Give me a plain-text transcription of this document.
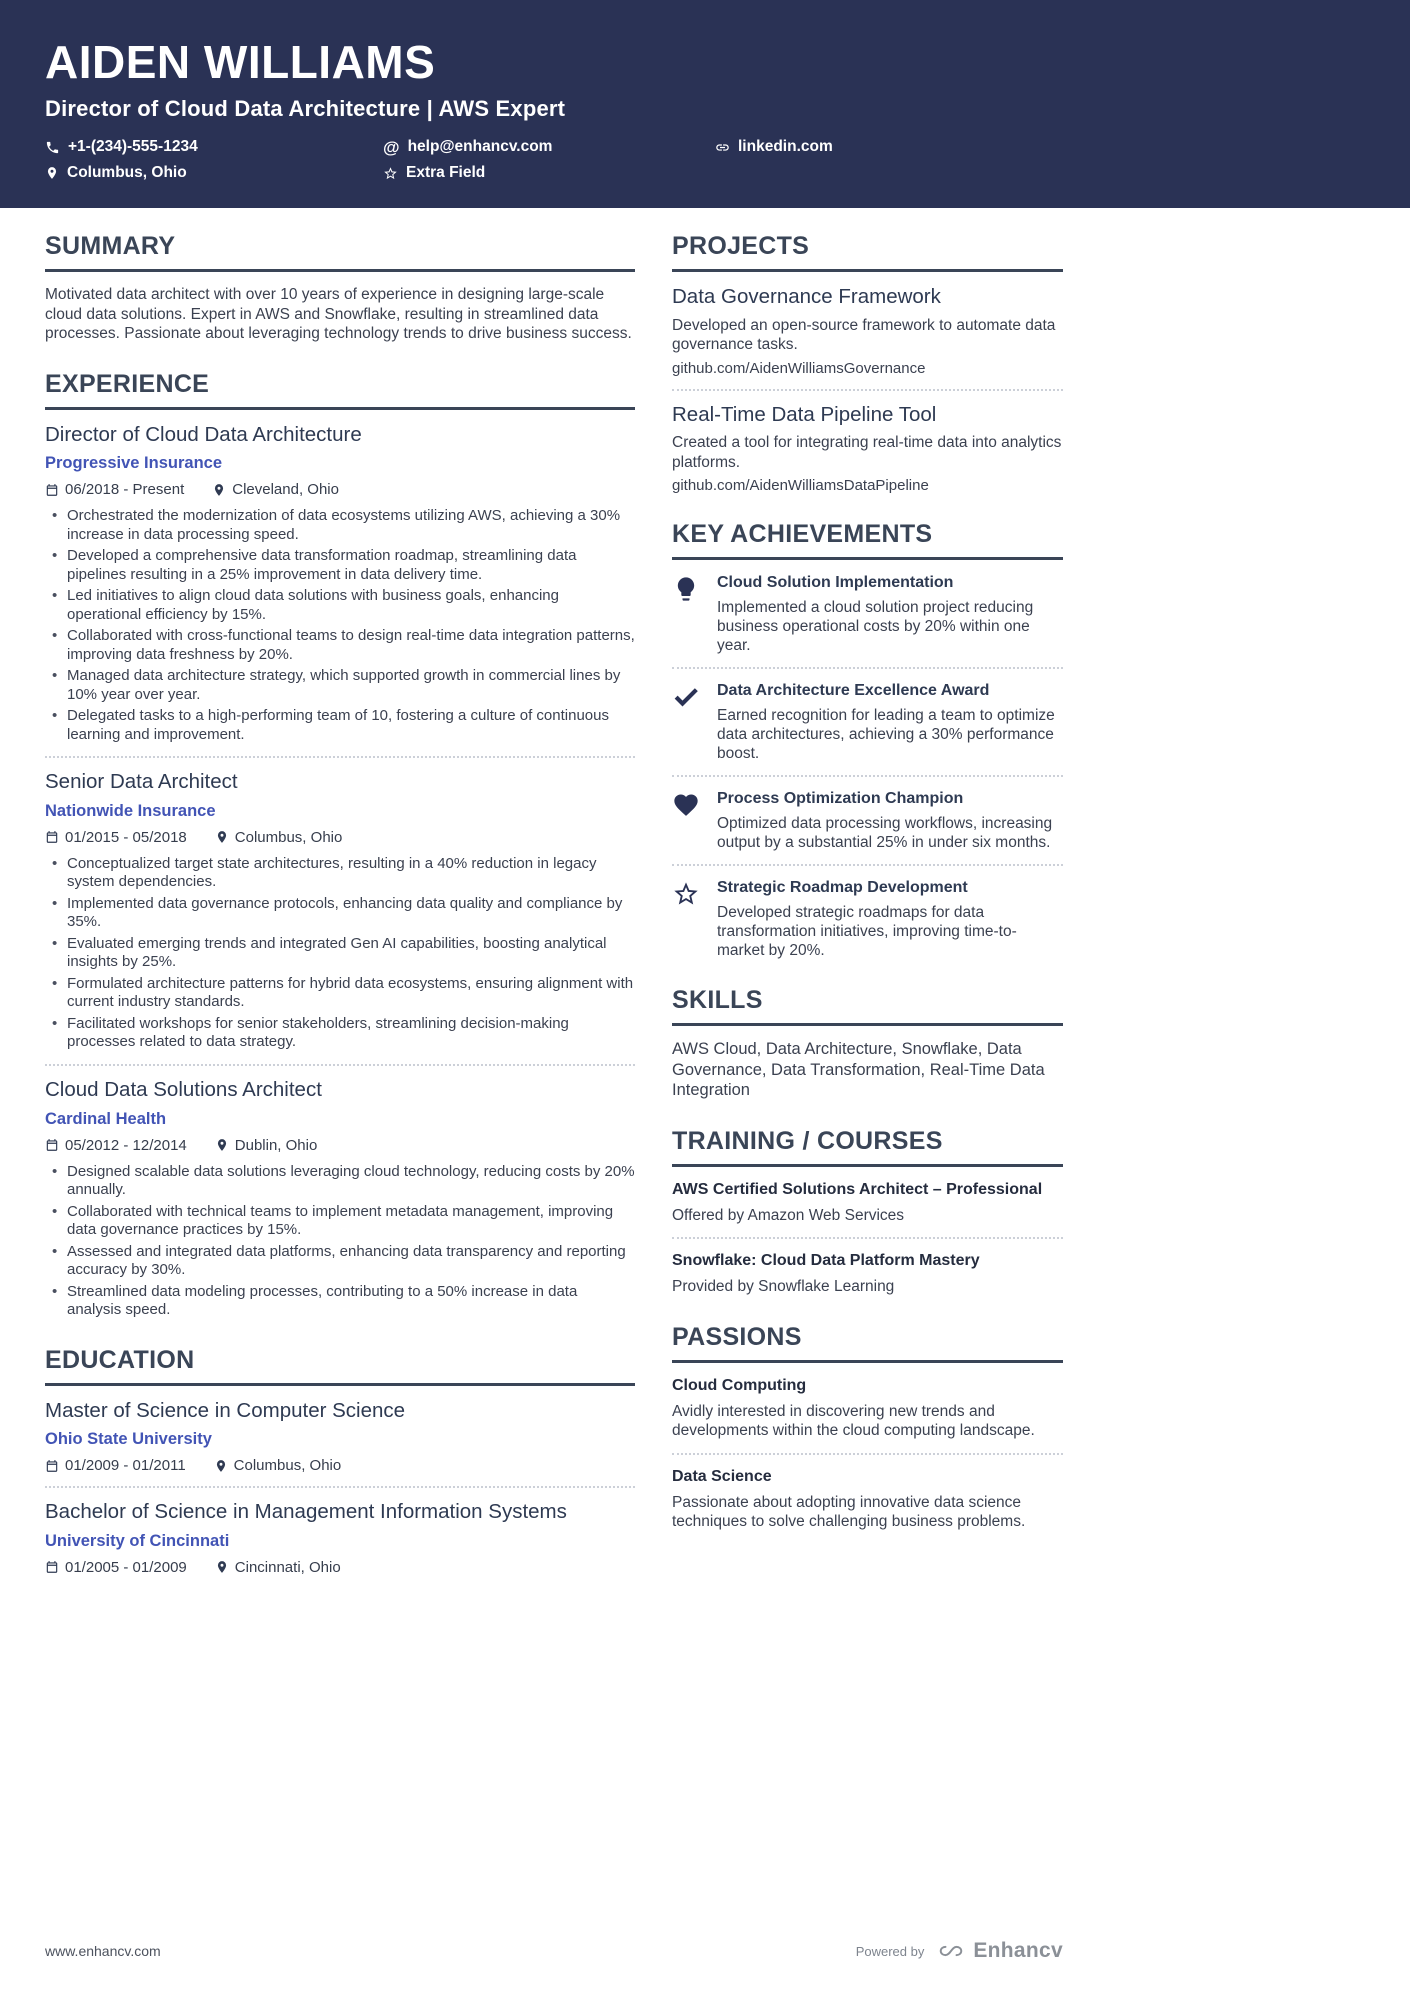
AIDEN WILLIAMS
Director of Cloud Data Architecture | AWS Expert
+1-(234)-555-1234	@ help@enhancv.com	linkedin.com
Columbus, Ohio	Extra Field
SUMMARY

Motivated data architect with over 10 years of experience in designing large-scale cloud data solutions. Expert in AWS and Snowflake, resulting in streamlined data processes. Passionate about leveraging technology trends to drive business success.

EXPERIENCE
Director of Cloud Data Architecture
Progressive Insurance
06/2018 - Present	Cleveland, Ohio
• Orchestrated the modernization of data ecosystems utilizing AWS, achieving a 30% increase in data processing speed.
• Developed a comprehensive data transformation roadmap, streamlining data pipelines resulting in a 25% improvement in data delivery time.
• Led initiatives to align cloud data solutions with business goals, enhancing operational efficiency by 15%.
• Collaborated with cross-functional teams to design real-time data integration patterns, improving data freshness by 20%.
• Managed data architecture strategy, which supported growth in commercial lines by 10% year over year.
• Delegated tasks to a high-performing team of 10, fostering a culture of continuous learning and improvement.
Senior Data Architect
Nationwide Insurance
01/2015 - 05/2018	Columbus, Ohio
• Conceptualized target state architectures, resulting in a 40% reduction in legacy system dependencies.
• Implemented data governance protocols, enhancing data quality and compliance by 35%.
• Evaluated emerging trends and integrated Gen AI capabilities, boosting analytical insights by 25%.
• Formulated architecture patterns for hybrid data ecosystems, ensuring alignment with current industry standards.
• Facilitated workshops for senior stakeholders, streamlining decision-making processes related to data strategy.
Cloud Data Solutions Architect
Cardinal Health
05/2012 - 12/2014	Dublin, Ohio
• Designed scalable data solutions leveraging cloud technology, reducing costs by 20% annually.
• Collaborated with technical teams to implement metadata management, improving data governance practices by 15%.
• Assessed and integrated data platforms, enhancing data transparency and reporting accuracy by 30%.
• Streamlined data modeling processes, contributing to a 50% increase in data analysis speed.
EDUCATION
Master of Science in Computer Science
Ohio State University
01/2009 - 01/2011	Columbus, Ohio
Bachelor of Science in Management Information Systems
University of Cincinnati
01/2005 - 01/2009	Cincinnati, Ohio
PROJECTS
Data Governance Framework
Developed an open-source framework to automate data governance tasks.
github.com/AidenWilliamsGovernance
Real-Time Data Pipeline Tool
Created a tool for integrating real-time data into analytics platforms.
github.com/AidenWilliamsDataPipeline
KEY ACHIEVEMENTS
Cloud Solution Implementation
Implemented a cloud solution project reducing business operational costs by 20% within one year.
Data Architecture Excellence Award
Earned recognition for leading a team to optimize data architectures, achieving a 30% performance boost.
Process Optimization Champion
Optimized data processing workflows, increasing output by a substantial 25% in under six months.
Strategic Roadmap Development
Developed strategic roadmaps for data transformation initiatives, improving time-to-market by 20%.
SKILLS
AWS Cloud, Data Architecture, Snowflake, Data Governance, Data Transformation, Real-Time Data Integration
TRAINING / COURSES
AWS Certified Solutions Architect – Professional
Offered by Amazon Web Services
Snowflake: Cloud Data Platform Mastery
Provided by Snowflake Learning
PASSIONS
Cloud Computing
Avidly interested in discovering new trends and developments within the cloud computing landscape.
Data Science
Passionate about adopting innovative data science techniques to solve challenging business problems.
www.enhancv.com	Powered by Enhancv
